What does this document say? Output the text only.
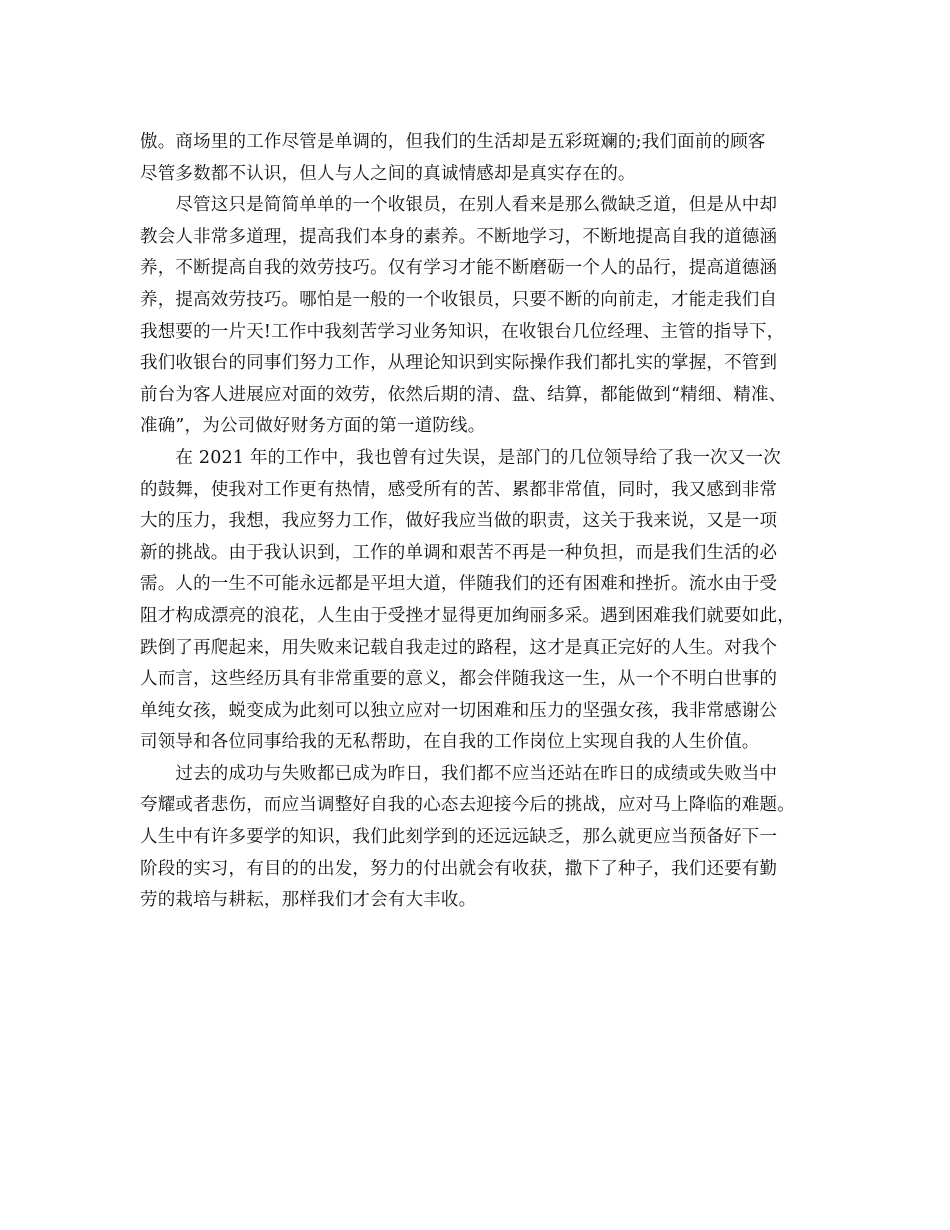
傲。商场里的工作尽管是单调的，但我们的生活却是五彩斑斓的;我们面前的顾客
尽管多数都不认识，但人与人之间的真诚情感却是真实存在的。
　　尽管这只是简简单单的一个收银员，在别人看来是那么微缺乏道，但是从中却
教会人非常多道理，提高我们本身的素养。不断地学习，不断地提高自我的道德涵
养，不断提高自我的效劳技巧。仅有学习才能不断磨砺一个人的品行，提高道德涵
养，提高效劳技巧。哪怕是一般的一个收银员，只要不断的向前走，才能走我们自
我想要的一片天!工作中我刻苦学习业务知识，在收银台几位经理、主管的指导下，
我们收银台的同事们努力工作，从理论知识到实际操作我们都扎实的掌握，不管到
前台为客人进展应对面的效劳，依然后期的清、盘、结算，都能做到“精细、精准、
准确”，为公司做好财务方面的第一道防线。
　　在 2021 年的工作中，我也曾有过失误，是部门的几位领导给了我一次又一次
的鼓舞，使我对工作更有热情，感受所有的苦、累都非常值，同时，我又感到非常
大的压力，我想，我应努力工作，做好我应当做的职责，这关于我来说，又是一项
新的挑战。由于我认识到，工作的单调和艰苦不再是一种负担，而是我们生活的必
需。人的一生不可能永远都是平坦大道，伴随我们的还有困难和挫折。流水由于受
阻才构成漂亮的浪花，人生由于受挫才显得更加绚丽多采。遇到困难我们就要如此，
跌倒了再爬起来，用失败来记载自我走过的路程，这才是真正完好的人生。对我个
人而言，这些经历具有非常重要的意义，都会伴随我这一生，从一个不明白世事的
单纯女孩，蜕变成为此刻可以独立应对一切困难和压力的坚强女孩，我非常感谢公
司领导和各位同事给我的无私帮助，在自我的工作岗位上实现自我的人生价值。
　　过去的成功与失败都已成为昨日，我们都不应当还站在昨日的成绩或失败当中
夸耀或者悲伤，而应当调整好自我的心态去迎接今后的挑战，应对马上降临的难题。
人生中有许多要学的知识，我们此刻学到的还远远缺乏，那么就更应当预备好下一
阶段的实习，有目的的出发，努力的付出就会有收获，撒下了种子，我们还要有勤
劳的栽培与耕耘，那样我们才会有大丰收。
